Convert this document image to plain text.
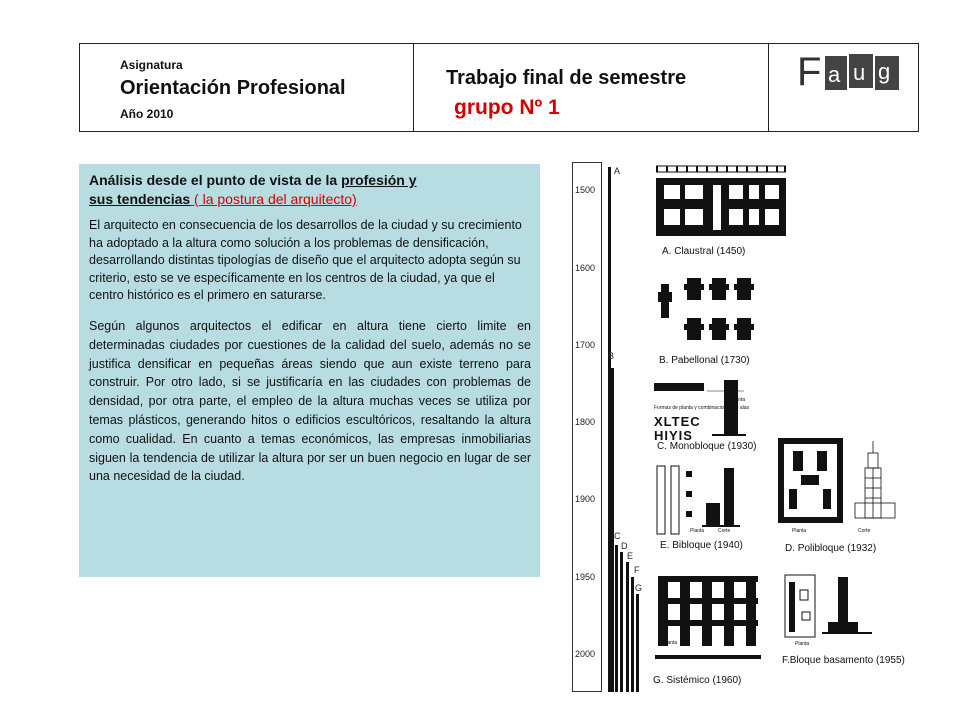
Asignatura
Orientación Profesional
Año 2010
Trabajo final de semestre
grupo Nº 1
F a u g
Análisis desde el punto de vista de la profesión y
sus tendencias ( la postura del arquitecto)
El arquitecto en consecuencia de los desarrollos de la ciudad y su crecimiento ha adoptado a la altura como solución a los problemas de densificación, desarrollando distintas tipologías de diseño que el arquitecto adopta según su criterio, esto se ve específicamente en los centros de la ciudad, ya que el centro histórico es el primero en saturarse.
Según algunos arquitectos el edificar en altura tiene cierto limite en determinadas ciudades por cuestiones de la calidad del suelo, además no se justifica densificar en pequeñas áreas siendo que aun existe terreno para construir. Por otro lado, si se justificaría en las ciudades con problemas de densidad, por otra parte, el empleo de la altura muchas veces se utiliza por temas plásticos, generando hitos o edificios escultóricos, resaltando la altura como cualidad. En cuanto a temas económicos, las empresas inmobiliarias siguen la tendencia de utilizar la altura por ser un buen negocio en lugar de ser una necesidad de la ciudad.
1500
1600
1700
1800
1900
1950
2000
A
B
C
D
E
F
G
A. Claustral (1450)
B. Pabellonal (1730)
Formas de planta y combinaciones de alas
Planta
XLTEC
HIYIS
C. Monobloque (1930)
Planta	Corte
E. Bibloque (1940)
Planta	Corte
D. Polibloque (1932)
Planta
G. Sistémico (1960)
Planta
Corte
F.Bloque basamento (1955)
